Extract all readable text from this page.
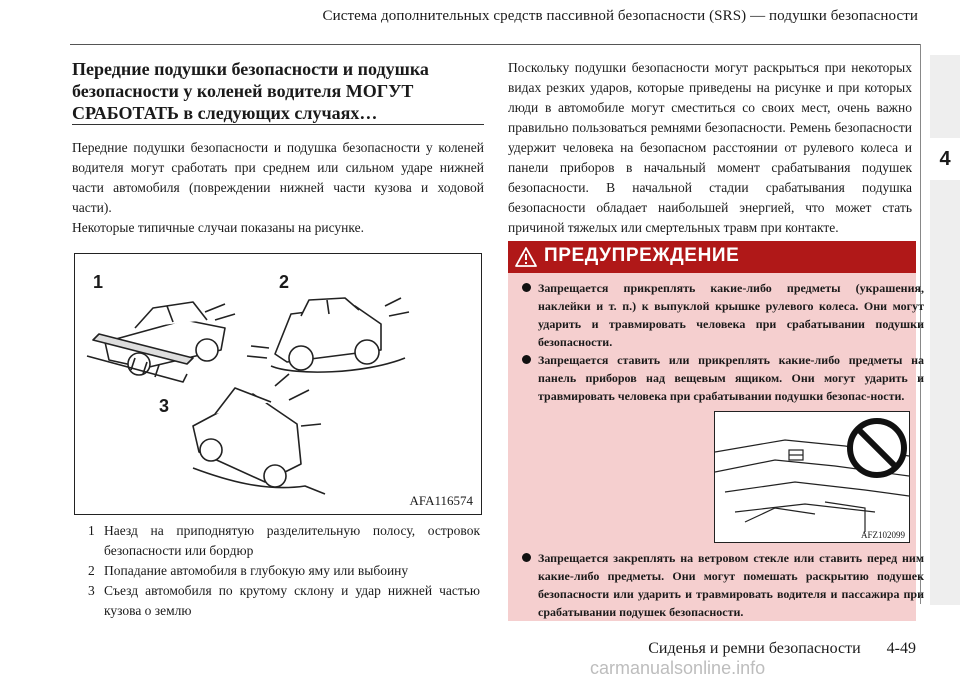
Система дополнительных средств пассивной безопасности (SRS) — подушки безопасности
4
Передние подушки безопасности и подушка безопасности у коленей водителя МОГУТ СРАБОТАТЬ в следующих случаях…
Передние подушки безопасности и подушка безопасности у коленей водителя могут сработать при среднем или сильном ударе нижней части автомобиля (повреждении нижней части кузова и ходовой части).
Некоторые типичные случаи показаны на рисунке.
1	2
3
AFA116574
1 Наезд на приподнятую разделительную полосу, островок безопасности или бордюр
2 Попадание автомобиля в глубокую яму или выбоину
3 Съезд автомобиля по крутому склону и удар нижней частью кузова о землю
Поскольку подушки безопасности могут раскрыться при некоторых видах резких ударов, которые приведены на рисунке и при которых люди в автомобиле могут сместиться со своих мест, очень важно правильно пользоваться ремнями безопасности. Ремень безопасности удержит человека на безопасном расстоянии от рулевого колеса и панели приборов в начальный момент срабатывания подушек безопасности. В начальной стадии срабатывания подушка безопасности обладает наибольшей энергией, что может стать причиной тяжелых или смертельных травм при контакте.
ПРЕДУПРЕЖДЕНИЕ
Запрещается прикреплять какие-либо предметы (украшения, наклейки и т. п.) к выпуклой крышке рулевого колеса. Они могут ударить и травмировать человека при срабатывании подушки безопасности.
Запрещается ставить или прикреплять какие-либо предметы на панель приборов над вещевым ящиком. Они могут ударить и травмировать человека при срабатывании подушки безопас-ности.
AFZ102099
Запрещается закреплять на ветровом стекле или ставить перед ним какие-либо предметы. Они могут помешать раскрытию подушек безопасности или ударить и травмировать водителя и пассажира при срабатывании подушек безопасности.
Сиденья и ремни безопасности 4-49
carmanualsonline.info
